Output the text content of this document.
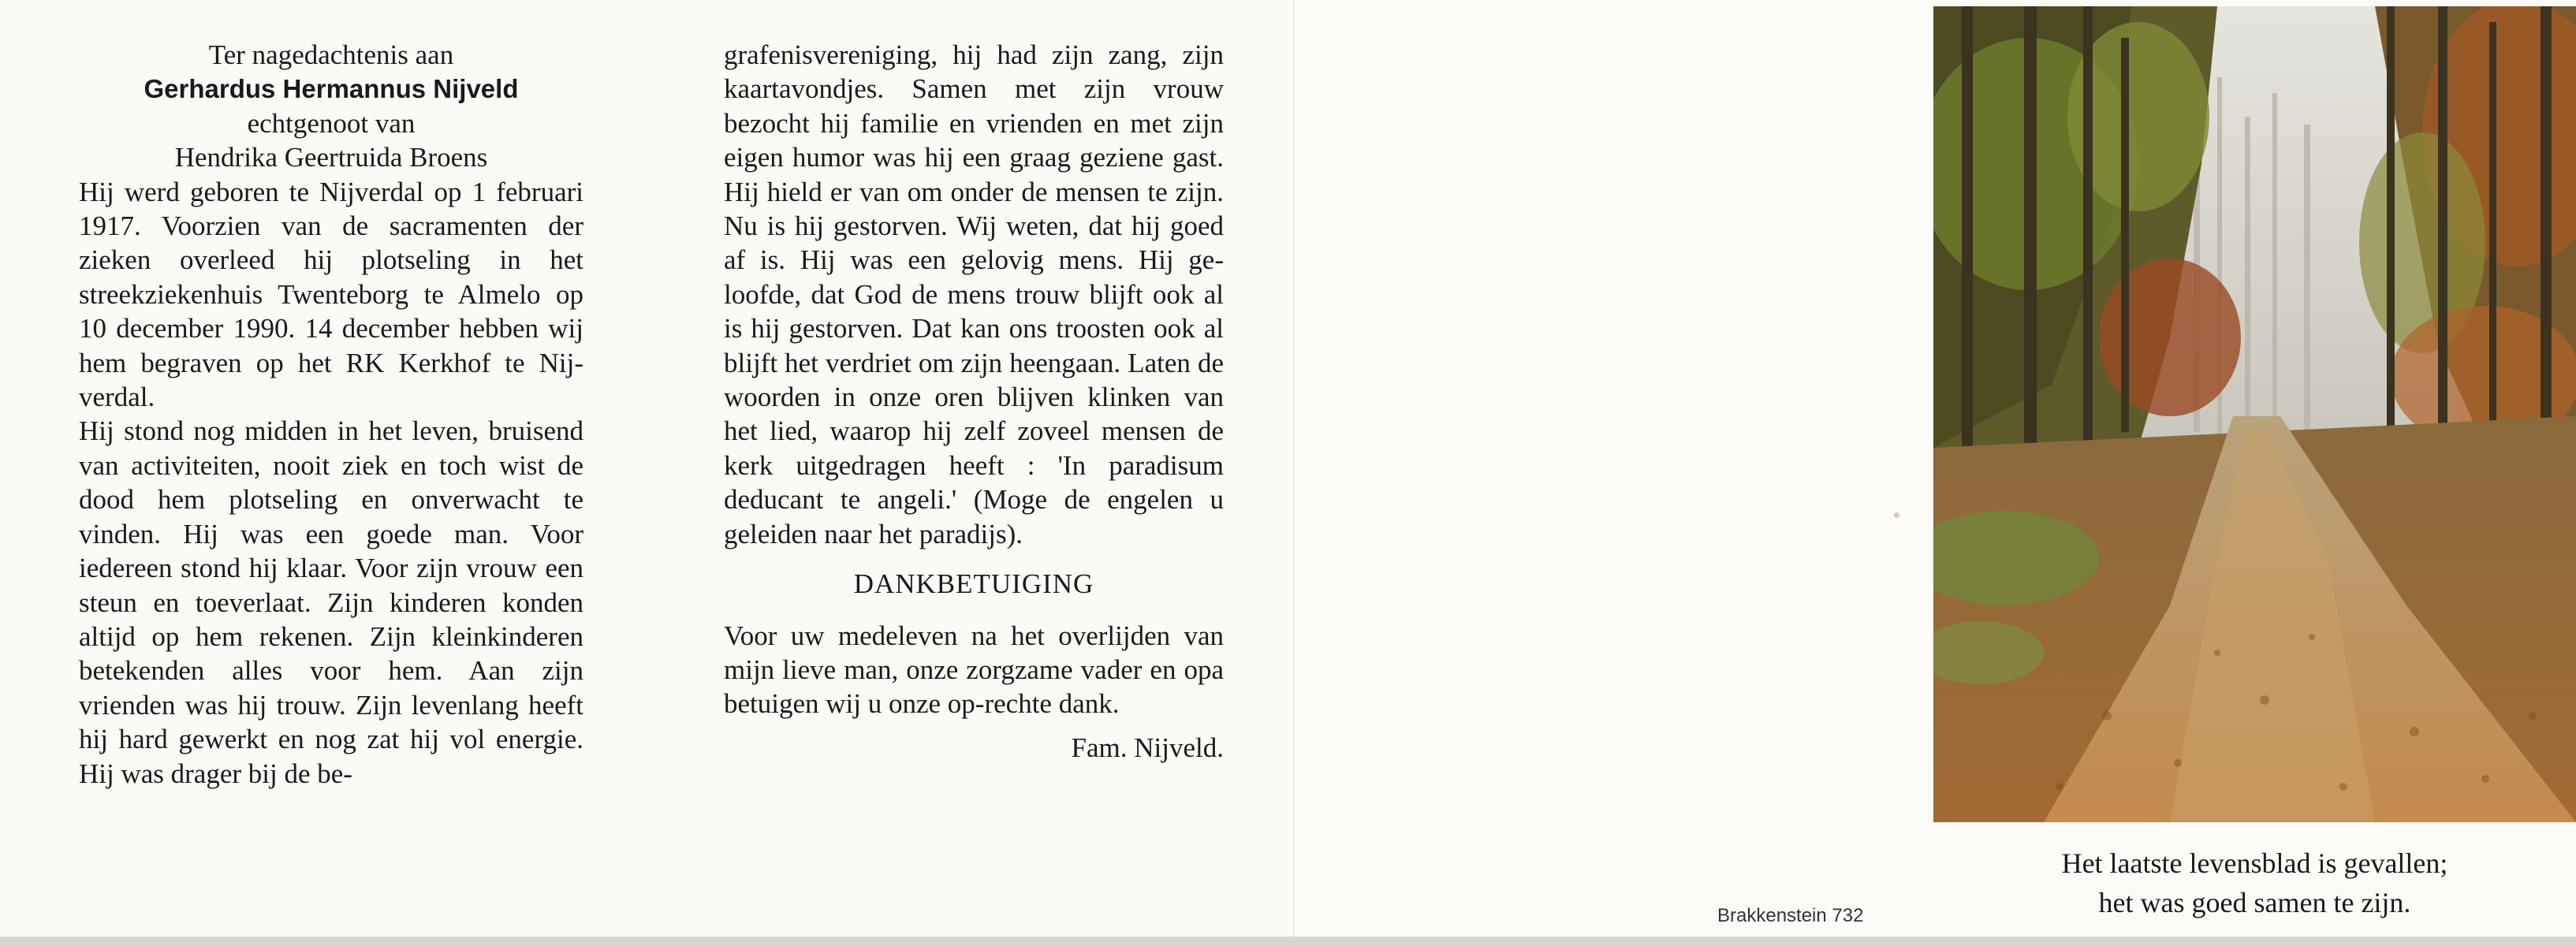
Ter nagedachtenis aan
Gerhardus Hermannus Nijveld
echtgenoot van
Hendrika Geertruida Broens
Hij werd geboren te Nijverdal op 1 februari 1917. Voorzien van de sacramenten der zieken overleed hij plotseling in het streekziekenhuis Twenteborg te Almelo op 10 december 1990. 14 december hebben wij hem begraven op het RK Kerkhof te Nij-verdal.
Hij stond nog midden in het leven, bruisend van activiteiten, nooit ziek en toch wist de dood hem plotseling en onverwacht te vinden. Hij was een goede man. Voor iedereen stond hij klaar. Voor zijn vrouw een steun en toeverlaat. Zijn kinderen konden altijd op hem rekenen. Zijn kleinkinderen betekenden alles voor hem. Aan zijn vrienden was hij trouw. Zijn levenlang heeft hij hard gewerkt en nog zat hij vol energie. Hij was drager bij de be-
grafenisvereniging, hij had zijn zang, zijn kaartavondjes. Samen met zijn vrouw bezocht hij familie en vrienden en met zijn eigen humor was hij een graag geziene gast. Hij hield er van om onder de mensen te zijn. Nu is hij gestorven. Wij weten, dat hij goed af is. Hij was een gelovig mens. Hij ge-loofde, dat God de mens trouw blijft ook al is hij gestorven. Dat kan ons troosten ook al blijft het verdriet om zijn heengaan. Laten de woorden in onze oren blijven klinken van het lied, waarop hij zelf zoveel mensen de kerk uitgedragen heeft : 'In paradisum deducant te angeli.' (Moge de engelen u geleiden naar het paradijs).
DANKBETUIGING
Voor uw medeleven na het overlijden van mijn lieve man, onze zorgzame vader en opa betuigen wij u onze op-rechte dank.
Fam. Nijveld.
Het laatste levensblad is gevallen;
het was goed samen te zijn.
Brakkenstein 732
